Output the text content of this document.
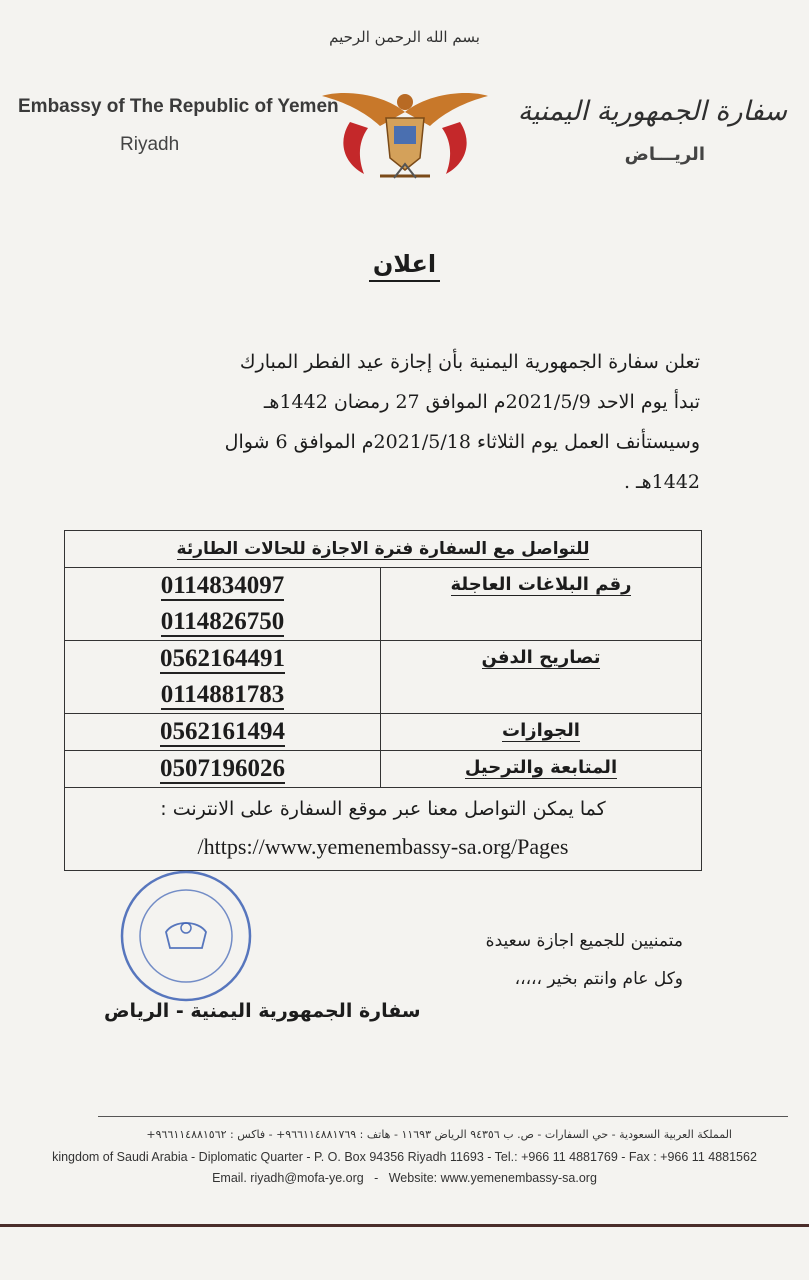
بسم الله الرحمن الرحيم
Embassy of The Republic of Yemen
Riyadh
سفارة الجمهورية اليمنية
الريـــاض
اعلان

تعلن سفارة الجمهورية اليمنية بأن إجازة عيد الفطر المبارك

تبدأ يوم الاحد 2021/5/9م الموافق 27 رمضان 1442هـ

وسيستأنف العمل يوم الثلاثاء 2021/5/18م الموافق 6 شوال

1442هـ .

للتواصل مع السفارة فترة الاجازة للحالات الطارئة	
رقم البلاغات العاجلة	0114834097
0114826750

تصاريح الدفن	0562164491
0114881783

الجوازات	0562161494

المتابعة والترحيل	0507196026

كما يمكن التواصل معنا عبر موقع السفارة على الانترنت :
/https://www.yemenembassy-sa.org/Pages	
متمنيين للجميع اجازة سعيدة
وكل عام وانتم بخير ،،،،،
سفارة الجمهورية اليمنية - الرياض
المملكة العربية السعودية - حي السفارات - ص. ب ٩٤٣٥٦ الرياض ١١٦٩٣ - هاتف : ٩٦٦١١٤٨٨١٧٦٩+ - فاكس : ٩٦٦١١٤٨٨١٥٦٢+
kingdom of Saudi Arabia - Diplomatic Quarter - P. O. Box 94356 Riyadh 11693 - Tel.: +966 11 4881769 - Fax : +966 11 4881562
Email. riyadh@mofa-ye.org - Website: www.yemenembassy-sa.org
